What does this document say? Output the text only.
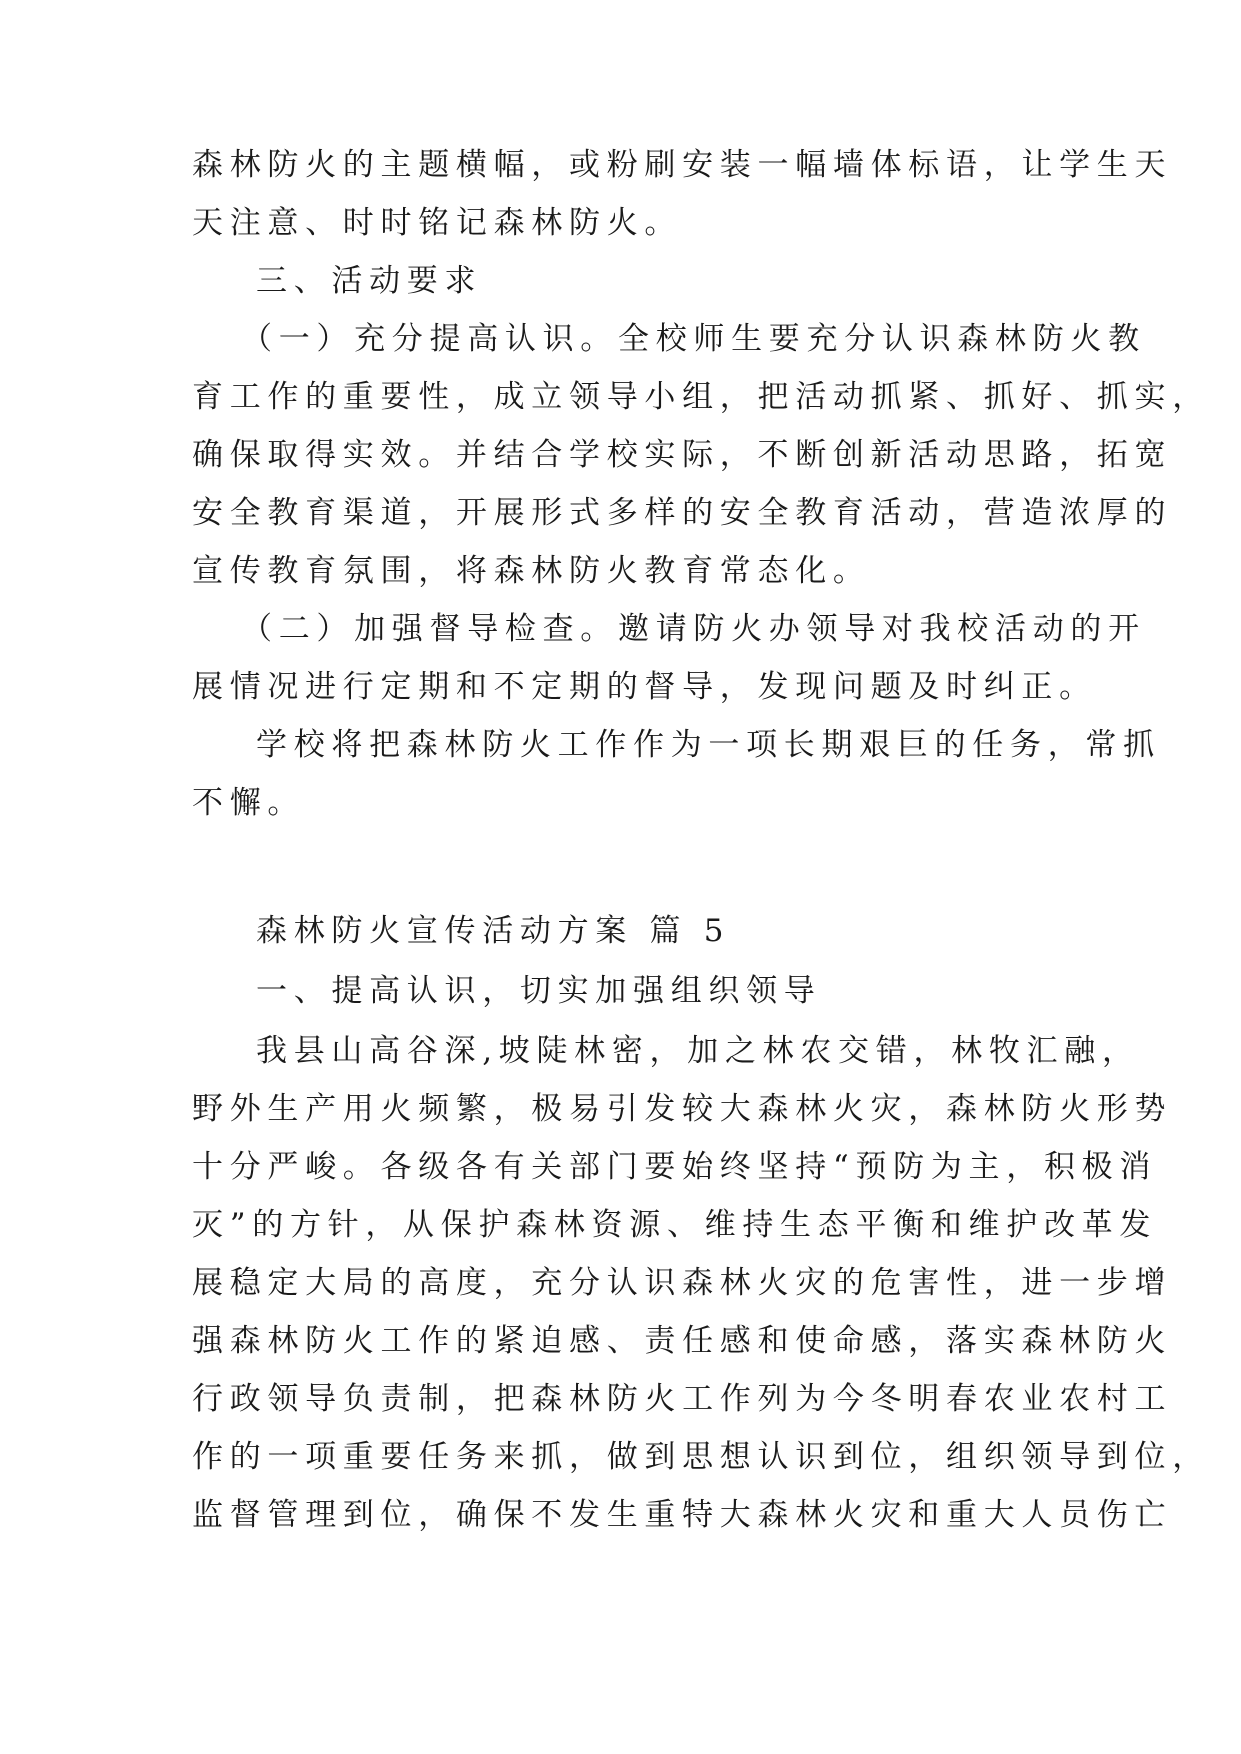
森林防火的主题横幅，或粉刷安装一幅墙体标语，让学生天
天注意、时时铭记森林防火。
三、活动要求
（一）充分提高认识。全校师生要充分认识森林防火教
育工作的重要性，成立领导小组，把活动抓紧、抓好、抓实，
确保取得实效。并结合学校实际，不断创新活动思路，拓宽
安全教育渠道，开展形式多样的安全教育活动，营造浓厚的
宣传教育氛围，将森林防火教育常态化。
（二）加强督导检查。邀请防火办领导对我校活动的开
展情况进行定期和不定期的督导，发现问题及时纠正。
学校将把森林防火工作作为一项长期艰巨的任务，常抓
不懈。
森林防火宣传活动方案 篇 5
一、提高认识，切实加强组织领导
我县山高谷深,坡陡林密，加之林农交错，林牧汇融，
野外生产用火频繁，极易引发较大森林火灾，森林防火形势
十分严峻。各级各有关部门要始终坚持“预防为主，积极消
灭”的方针，从保护森林资源、维持生态平衡和维护改革发
展稳定大局的高度，充分认识森林火灾的危害性，进一步增
强森林防火工作的紧迫感、责任感和使命感，落实森林防火
行政领导负责制，把森林防火工作列为今冬明春农业农村工
作的一项重要任务来抓，做到思想认识到位，组织领导到位，
监督管理到位，确保不发生重特大森林火灾和重大人员伤亡
